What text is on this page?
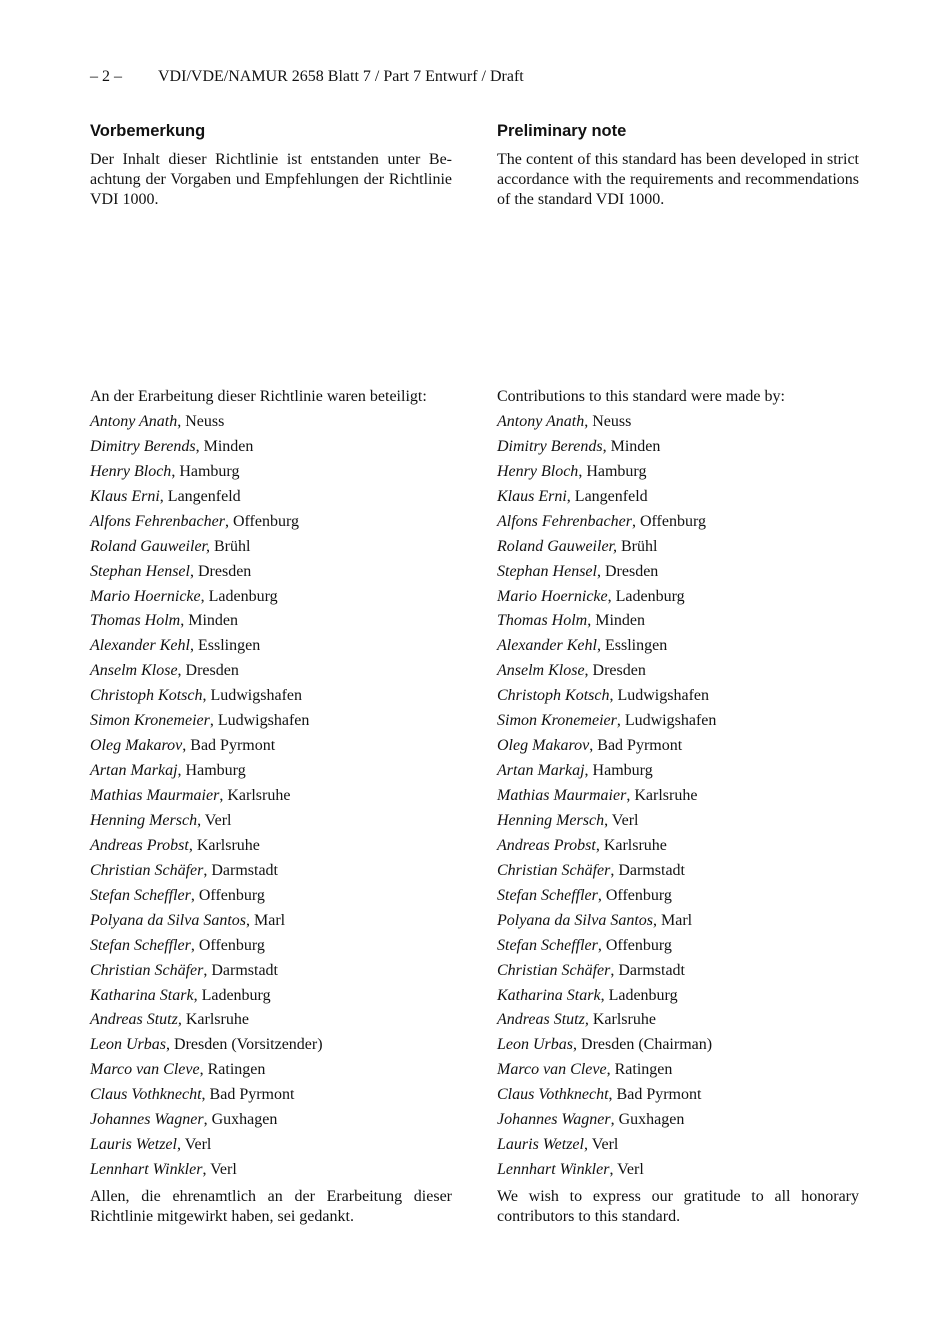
– 2 – VDI/VDE/NAMUR 2658 Blatt 7 / Part 7 Entwurf / Draft
Vorbemerkung	Preliminary note

Der Inhalt dieser Richtlinie ist entstanden unter Beachtung der Vorgaben und Empfehlungen der Richtlinie VDI 1000.

The content of this standard has been developed in strict accordance with the requirements and recommendations of the standard VDI 1000.

An der Erarbeitung dieser Richtlinie waren beteiligt:
Antony Anath, Neuss
Dimitry Berends, Minden
Henry Bloch, Hamburg
Klaus Erni, Langenfeld
Alfons Fehrenbacher, Offenburg
Roland Gauweiler, Brühl
Stephan Hensel, Dresden
Mario Hoernicke, Ladenburg
Thomas Holm, Minden
Alexander Kehl, Esslingen
Anselm Klose, Dresden
Christoph Kotsch, Ludwigshafen
Simon Kronemeier, Ludwigshafen
Oleg Makarov, Bad Pyrmont
Artan Markaj, Hamburg
Mathias Maurmaier, Karlsruhe
Henning Mersch, Verl
Andreas Probst, Karlsruhe
Christian Schäfer, Darmstadt
Stefan Scheffler, Offenburg
Polyana da Silva Santos, Marl
Stefan Scheffler, Offenburg
Christian Schäfer, Darmstadt
Katharina Stark, Ladenburg
Andreas Stutz, Karlsruhe
Leon Urbas, Dresden (Vorsitzender)
Marco van Cleve, Ratingen
Claus Vothknecht, Bad Pyrmont
Johannes Wagner, Guxhagen
Lauris Wetzel, Verl
Lennhart Winkler, Verl

Allen, die ehrenamtlich an der Erarbeitung dieser Richtlinie mitgewirkt haben, sei gedankt.

Contributions to this standard were made by:
Antony Anath, Neuss
Dimitry Berends, Minden
Henry Bloch, Hamburg
Klaus Erni, Langenfeld
Alfons Fehrenbacher, Offenburg
Roland Gauweiler, Brühl
Stephan Hensel, Dresden
Mario Hoernicke, Ladenburg
Thomas Holm, Minden
Alexander Kehl, Esslingen
Anselm Klose, Dresden
Christoph Kotsch, Ludwigshafen
Simon Kronemeier, Ludwigshafen
Oleg Makarov, Bad Pyrmont
Artan Markaj, Hamburg
Mathias Maurmaier, Karlsruhe
Henning Mersch, Verl
Andreas Probst, Karlsruhe
Christian Schäfer, Darmstadt
Stefan Scheffler, Offenburg
Polyana da Silva Santos, Marl
Stefan Scheffler, Offenburg
Christian Schäfer, Darmstadt
Katharina Stark, Ladenburg
Andreas Stutz, Karlsruhe
Leon Urbas, Dresden (Chairman)
Marco van Cleve, Ratingen
Claus Vothknecht, Bad Pyrmont
Johannes Wagner, Guxhagen
Lauris Wetzel, Verl
Lennhart Winkler, Verl

We wish to express our gratitude to all honorary contributors to this standard.
